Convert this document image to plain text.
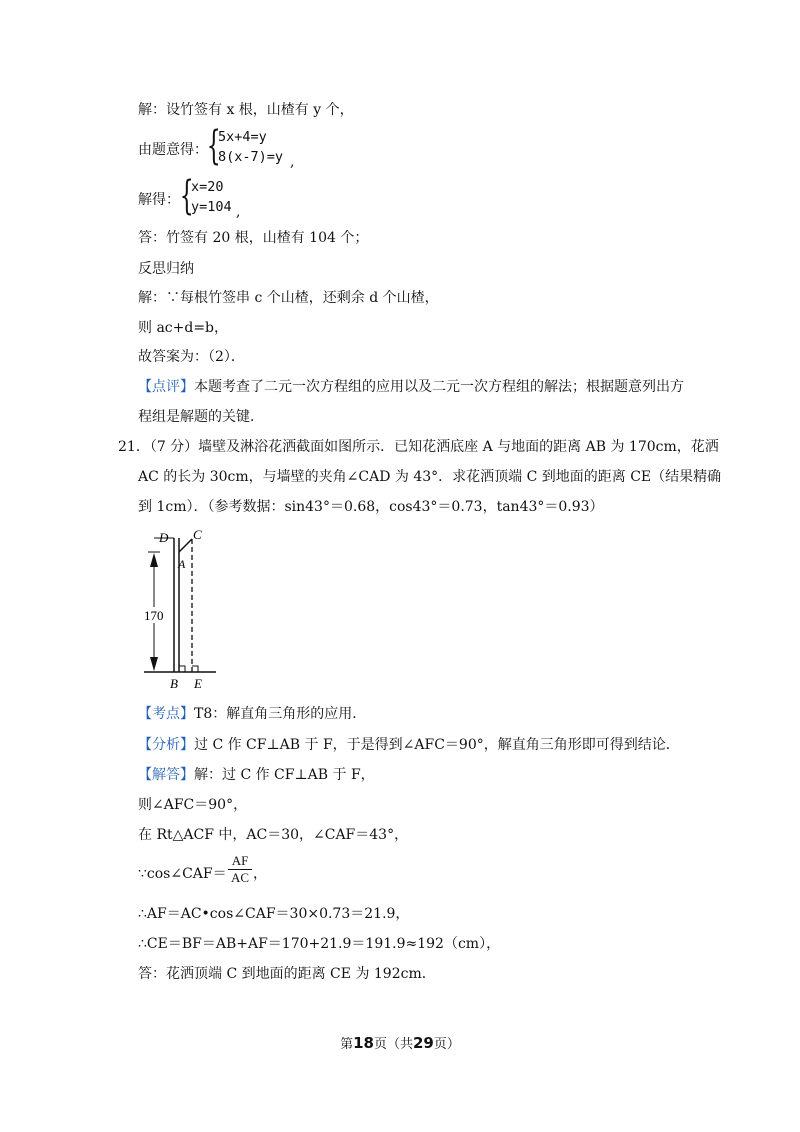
解：设竹签有 x 根，山楂有 y 个，
由题意得：
{
5x+4=y
8(x-7)=y ,
解得： {
x=20
y=104 ,
答：竹签有 20 根，山楂有 104 个；
反思归纳
解：∵每根竹签串 c 个山楂，还剩余 d 个山楂，
则 ac+d=b，
故答案为：（2）．
【点评】本题考查了二元一次方程组的应用以及二元一次方程组的解法；根据题意列出方
程组是解题的关键．
21．（7 分）墙壁及淋浴花洒截面如图所示．已知花洒底座 A 与地面的距离 AB 为 170cm，花洒
AC 的长为 30cm，与墙壁的夹角∠CAD 为 43°．求花洒顶端 C 到地面的距离 CE（结果精确
到 1cm）．（参考数据：sin43°＝0.68，cos43°＝0.73，tan43°＝0.93）
170
D C
A
B E
【考点】T8：解直角三角形的应用．
【分析】过 C 作 CF⊥AB 于 F，于是得到∠AFC＝90°，解直角三角形即可得到结论．
【解答】解：过 C 作 CF⊥AB 于 F，
则∠AFC＝90°，
在 Rt△ACF 中，AC＝30，∠CAF＝43°，
∵cos∠CAF＝
AF
AC ，
∴AF＝AC•cos∠CAF＝30×0.73＝21.9，
∴CE＝BF＝AB+AF＝170+21.9＝191.9≈192（cm），
答：花洒顶端 C 到地面的距离 CE 为 192cm．
第18页（共29页）
